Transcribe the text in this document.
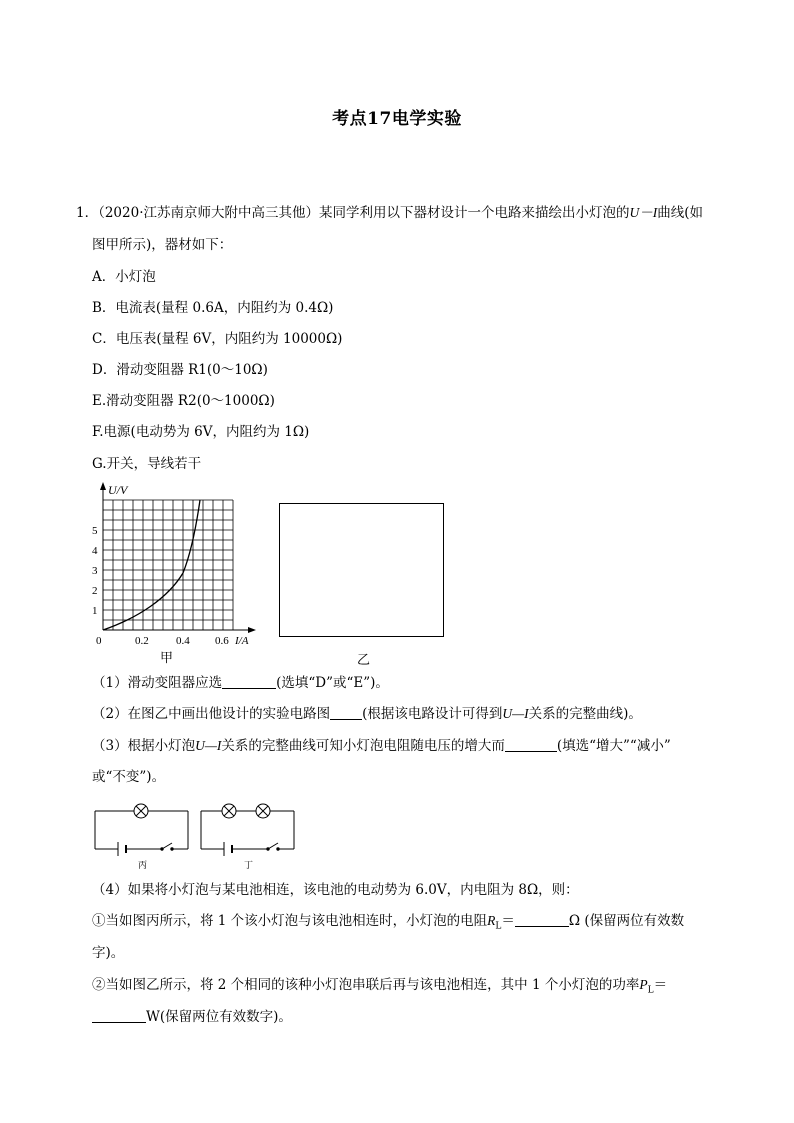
考点17电学实验
1．（2020·江苏南京师大附中高三其他）某同学利用以下器材设计一个电路来描绘出小灯泡的U－I曲线(如
图甲所示)，器材如下：
A．小灯泡
B．电流表(量程 0.6A，内阻约为 0.4Ω)
C．电压表(量程 6V，内阻约为 10000Ω)
D．滑动变阻器 R1(0～10Ω)
E.滑动变阻器 R2(0～1000Ω)
F.电源(电动势为 6V，内阻约为 1Ω)
G.开关，导线若干
U/V
0	0.2 0.4 0.6 I/A
1
2
3
4
5
甲	乙
（1）滑动变阻器应选	(选填“D”或“E”)。
（2）在图乙中画出他设计的实验电路图 (根据该电路设计可得到U—I关系的完整曲线)。
（3）根据小灯泡U—I关系的完整曲线可知小灯泡电阻随电压的增大而	(填选“增大”“减小”
或“不变”)。
丙	丁
（4）如果将小灯泡与某电池相连，该电池的电动势为 6.0V，内电阻为 8Ω，则：
①当如图丙所示，将 1 个该小灯泡与该电池相连时，小灯泡的电阻$R_L=$	Ω (保留两位有效数
字)。
②当如图乙所示，将 2 个相同的该种小灯泡串联后再与该电池相连，其中 1 个小灯泡的功率$P_L=$
W(保留两位有效数字)。
